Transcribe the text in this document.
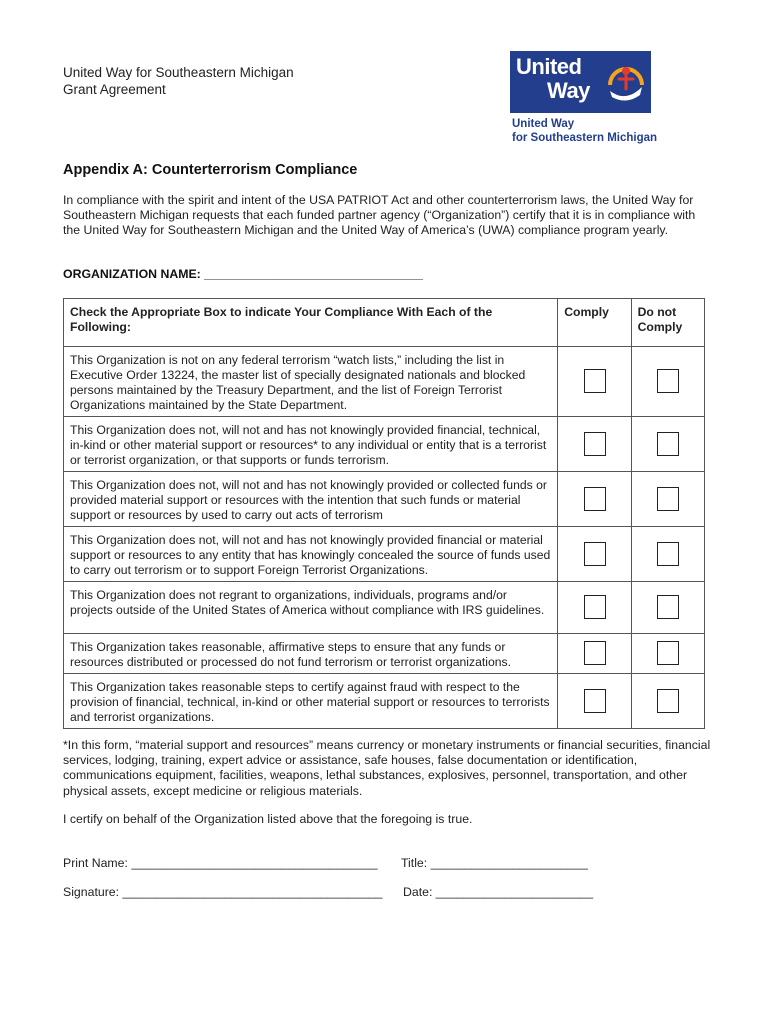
United Way for Southeastern Michigan
Grant Agreement
United
Way
United Way
for Southeastern Michigan
Appendix A: Counterterrorism Compliance
In compliance with the spirit and intent of the USA PATRIOT Act and other counterterrorism laws, the United Way for Southeastern Michigan requests that each funded partner agency (“Organization”) certify that it is in compliance with the United Way for Southeastern Michigan and the United Way of America’s (UWA) compliance program yearly.
ORGANIZATION NAME: ________________________________
Check the Appropriate Box to indicate Your Compliance With Each of the Following:	Comply	Do not Comply
This Organization is not on any federal terrorism “watch lists,” including the list in Executive Order 13224, the master list of specially designated nationals and blocked persons maintained by the Treasury Department, and the list of Foreign Terrorist Organizations maintained by the State Department.		
This Organization does not, will not and has not knowingly provided financial, technical, in-kind or other material support or resources* to any individual or entity that is a terrorist or terrorist organization, or that supports or funds terrorism.		
This Organization does not, will not and has not knowingly provided or collected funds or provided material support or resources with the intention that such funds or material support or resources by used to carry out acts of terrorism		
This Organization does not, will not and has not knowingly provided financial or material support or resources to any entity that has knowingly concealed the source of funds used to carry out terrorism or to support Foreign Terrorist Organizations.		
This Organization does not regrant to organizations, individuals, programs and/or projects outside of the United States of America without compliance with IRS guidelines.		
This Organization takes reasonable, affirmative steps to ensure that any funds or resources distributed or processed do not fund terrorism or terrorist organizations.		
This Organization takes reasonable steps to certify against fraud with respect to the provision of financial, technical, in-kind or other material support or resources to terrorists and terrorist organizations.		
*In this form, “material support and resources” means currency or monetary instruments or financial securities, financial services, lodging, training, expert advice or assistance, safe houses, false documentation or identification, communications equipment, facilities, weapons, lethal substances, explosives, personnel, transportation, and other physical assets, except medicine or religious materials.
I certify on behalf of the Organization listed above that the foregoing is true.
Print Name: ____________________________________ Title: _______________________
Signature: ______________________________________ Date: _______________________
